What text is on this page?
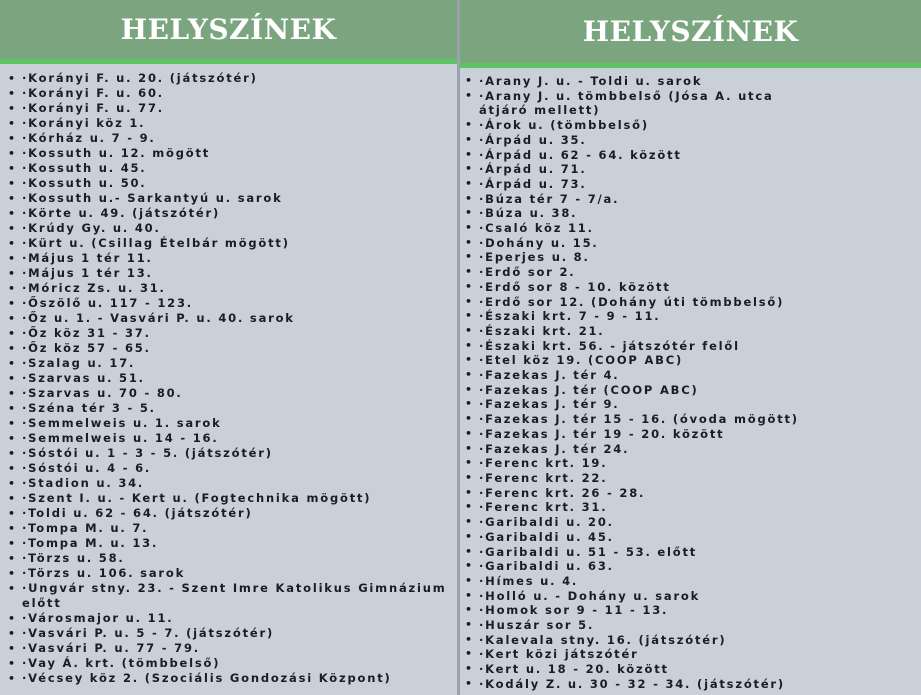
HELYSZÍNEK
• ·Korányi F. u. 20. (játszótér)
• ·Korányi F. u. 60.
• ·Korányi F. u. 77.
• ·Korányi köz 1.
• ·Kórház u. 7 - 9.
• ·Kossuth u. 12. mögött
• ·Kossuth u. 45.
• ·Kossuth u. 50.
• ·Kossuth u.- Sarkantyú u. sarok
• ·Körte u. 49. (játszótér)
• ·Krúdy Gy. u. 40.
• ·Kürt u. (Csillag Ételbár mögött)
• ·Május 1 tér 11.
• ·Május 1 tér 13.
• ·Móricz Zs. u. 31.
• ·Őszölő u. 117 - 123.
• ·Őz u. 1. - Vasvári P. u. 40. sarok
• ·Őz köz 31 - 37.
• ·Őz köz 57 - 65.
• ·Szalag u. 17.
• ·Szarvas u. 51.
• ·Szarvas u. 70 - 80.
• ·Széna tér 3 - 5.
• ·Semmelweis u. 1. sarok
• ·Semmelweis u. 14 - 16.
• ·Sóstói u. 1 - 3 - 5. (játszótér)
• ·Sóstói u. 4 - 6.
• ·Stadion u. 34.
• ·Szent I. u. - Kert u. (Fogtechnika mögött)
• ·Toldi u. 62 - 64. (játszótér)
• ·Tompa M. u. 7.
• ·Tompa M. u. 13.
• ·Törzs u. 58.
• ·Törzs u. 106. sarok
• ·Ungvár stny. 23. - Szent Imre Katolikus Gimnázium előtt
• ·Városmajor u. 11.
• ·Vasvári P. u. 5 - 7. (játszótér)
• ·Vasvári P. u. 77 - 79.
• ·Vay Á. krt. (tömbbelső)
• ·Vécsey köz 2. (Szociális Gondozási Központ)
HELYSZÍNEK
• ·Arany J. u. - Toldi u. sarok
• ·Arany J. u. tömbbelső (Jósa A. utca átjáró mellett)
• ·Árok u. (tömbbelső)
• ·Árpád u. 35.
• ·Árpád u. 62 - 64. között
• ·Árpád u. 71.
• ·Árpád u. 73.
• ·Búza tér 7 - 7/a.
• ·Búza u. 38.
• ·Csaló köz 11.
• ·Dohány u. 15.
• ·Eperjes u. 8.
• ·Erdő sor 2.
• ·Erdő sor 8 - 10. között
• ·Erdő sor 12. (Dohány úti tömbbelső)
• ·Északi krt. 7 - 9 - 11.
• ·Északi krt. 21.
• ·Északi krt. 56. - játszótér felől
• ·Etel köz 19. (COOP ABC)
• ·Fazekas J. tér 4.
• ·Fazekas J. tér (COOP ABC)
• ·Fazekas J. tér 9.
• ·Fazekas J. tér 15 - 16. (óvoda mögött)
• ·Fazekas J. tér 19 - 20. között
• ·Fazekas J. tér 24.
• ·Ferenc krt. 19.
• ·Ferenc krt. 22.
• ·Ferenc krt. 26 - 28.
• ·Ferenc krt. 31.
• ·Garibaldi u. 20.
• ·Garibaldi u. 45.
• ·Garibaldi u. 51 - 53. előtt
• ·Garibaldi u. 63.
• ·Hímes u. 4.
• ·Holló u. - Dohány u. sarok
• ·Homok sor 9 - 11 - 13.
• ·Huszár sor 5.
• ·Kalevala stny. 16. (játszótér)
• ·Kert közi játszótér
• ·Kert u. 18 - 20. között
• ·Kodály Z. u. 30 - 32 - 34. (játszótér)
